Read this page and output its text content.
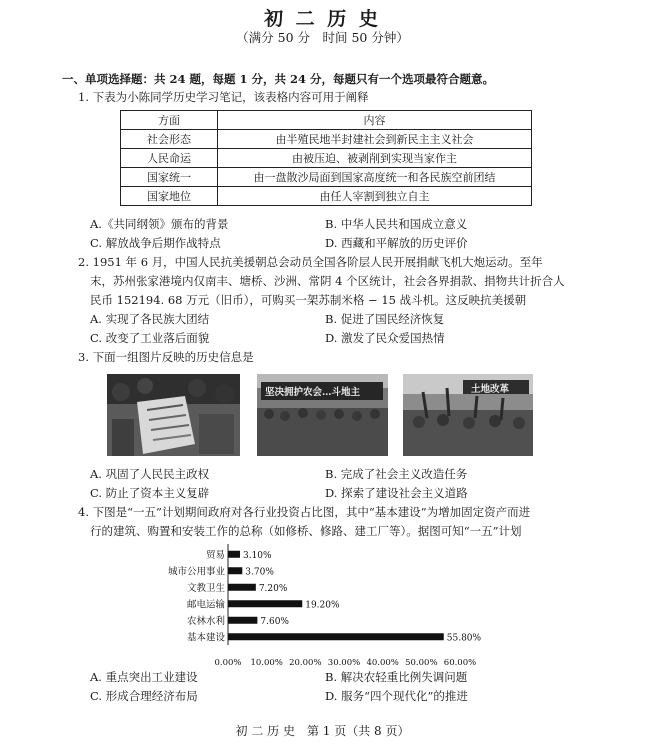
初 二 历 史
（满分 50 分　时间 50 分钟）
一、单项选择题：共 24 题，每题 1 分，共 24 分，每题只有一个选项最符合题意。
1. 下表为小陈同学历史学习笔记，该表格内容可用于阐释
方面	内容
社会形态	由半殖民地半封建社会到新民主主义社会
人民命运	由被压迫、被剥削到实现当家作主
国家统一	由一盘散沙局面到国家高度统一和各民族空前团结
国家地位	由任人宰割到独立自主
A.《共同纲领》颁布的背景	B. 中华人民共和国成立意义
C. 解放战争后期作战特点	D. 西藏和平解放的历史评价
2. 1951 年 6 月，中国人民抗美援朝总会动员全国各阶层人民开展捐献飞机大炮运动。至年
末，苏州张家港境内仅南丰、塘桥、沙洲、常阴 4 个区统计，社会各界捐款、捐物共计折合人
民币 152194. 68 万元（旧币），可购买一架苏制米格 − 15 战斗机。这反映抗美援朝
A. 实现了各民族大团结	B. 促进了国民经济恢复
C. 改变了工业落后面貌	D. 激发了民众爱国热情
3. 下面一组图片反映的历史信息是
坚决拥护农会…斗地主	土地改革
A. 巩固了人民民主政权	B. 完成了社会主义改造任务
C. 防止了资本主义复辟	D. 探索了建设社会主义道路
4. 下图是“一五”计划期间政府对各行业投资占比图，其中“基本建设”为增加固定资产而进
行的建筑、购置和安装工作的总称（如修桥、修路、建工厂等）。据图可知“一五”计划
贸易 3.10%
城市公用事业 3.70%
文教卫生	7.20%
邮电运输	19.20%
农林水利	7.60%
基本建设	55.80%
0.00% 10.00% 20.00% 30.00% 40.00% 50.00% 60.00%
A. 重点突出工业建设	B. 解决农轻重比例失调问题
C. 形成合理经济布局	D. 服务“四个现代化”的推进
初 二 历 史　第 1 页（共 8 页）
